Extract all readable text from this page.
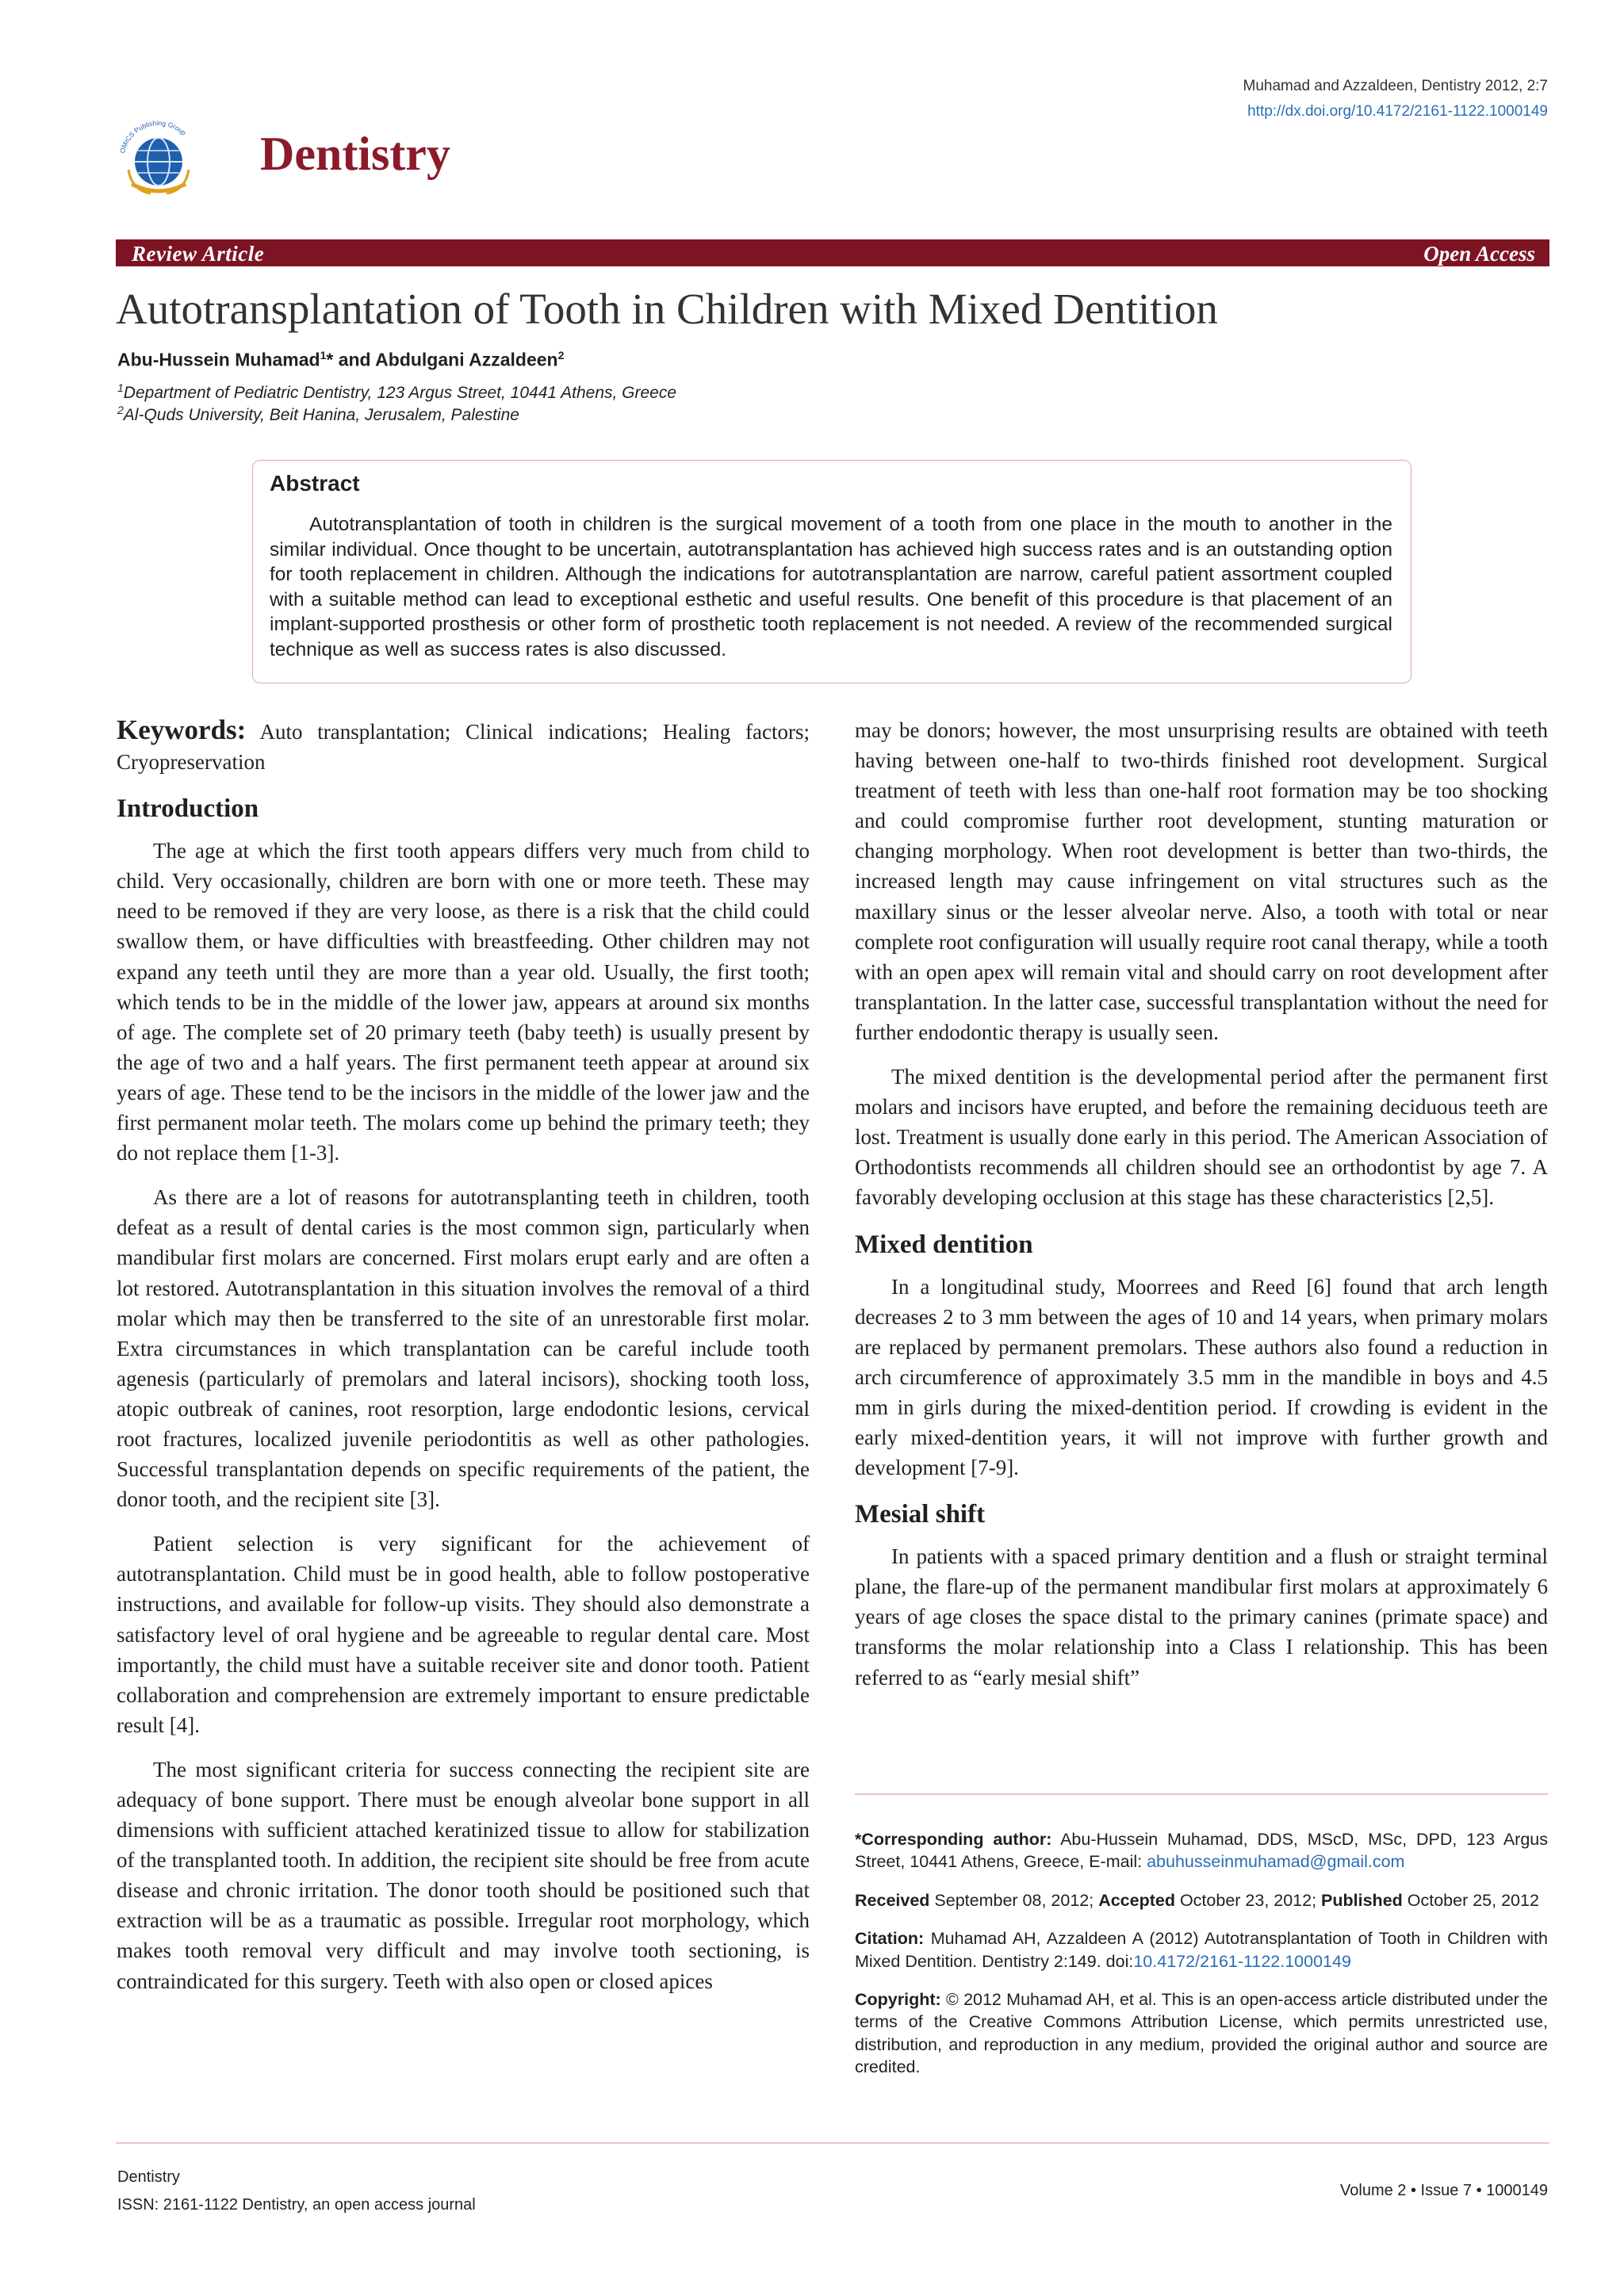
Muhamad and Azzaldeen, Dentistry 2012, 2:7
http://dx.doi.org/10.4172/2161-1122.1000149
OMICS Publishing Group Dentistry
Review Article	Open Access
Autotransplantation of Tooth in Children with Mixed Dentition
Abu-Hussein Muhamad$^1$* and Abdulgani Azzaldeen$^2$
$^1$Department of Pediatric Dentistry, 123 Argus Street, 10441 Athens, Greece
$^2$Al-Quds University, Beit Hanina, Jerusalem, Palestine
Abstract
Autotransplantation of tooth in children is the surgical movement of a tooth from one place in the mouth to another in the similar individual. Once thought to be uncertain, autotransplantation has achieved high success rates and is an outstanding option for tooth replacement in children. Although the indications for autotransplantation are narrow, careful patient assortment coupled with a suitable method can lead to exceptional esthetic and useful results. One benefit of this procedure is that placement of an implant-supported prosthesis or other form of prosthetic tooth replacement is not needed. A review of the recommended surgical technique as well as success rates is also discussed.

Keywords: Auto transplantation; Clinical indications; Healing factors; Cryopreservation

Introduction

The age at which the first tooth appears differs very much from child to child. Very occasionally, children are born with one or more teeth. These may need to be removed if they are very loose, as there is a risk that the child could swallow them, or have difficulties with breastfeeding. Other children may not expand any teeth until they are more than a year old. Usually, the first tooth; which tends to be in the middle of the lower jaw, appears at around six months of age. The complete set of 20 primary teeth (baby teeth) is usually present by the age of two and a half years. The first permanent teeth appear at around six years of age. These tend to be the incisors in the middle of the lower jaw and the first permanent molar teeth. The molars come up behind the primary teeth; they do not replace them [1-3].

As there are a lot of reasons for autotransplanting teeth in children, tooth defeat as a result of dental caries is the most common sign, particularly when mandibular first molars are concerned. First molars erupt early and are often a lot restored. Autotransplantation in this situation involves the removal of a third molar which may then be transferred to the site of an unrestorable first molar. Extra circumstances in which transplantation can be careful include tooth agenesis (particularly of premolars and lateral incisors), shocking tooth loss, atopic outbreak of canines, root resorption, large endodontic lesions, cervical root fractures, localized juvenile periodontitis as well as other pathologies. Successful transplantation depends on specific requirements of the patient, the donor tooth, and the recipient site [3].

Patient selection is very significant for the achievement of autotransplantation. Child must be in good health, able to follow postoperative instructions, and available for follow-up visits. They should also demonstrate a satisfactory level of oral hygiene and be agreeable to regular dental care. Most importantly, the child must have a suitable receiver site and donor tooth. Patient collaboration and comprehension are extremely important to ensure predictable result [4].

The most significant criteria for success connecting the recipient site are adequacy of bone support. There must be enough alveolar bone support in all dimensions with sufficient attached keratinized tissue to allow for stabilization of the transplanted tooth. In addition, the recipient site should be free from acute disease and chronic irritation. The donor tooth should be positioned such that extraction will be as a traumatic as possible. Irregular root morphology, which makes tooth removal very difficult and may involve tooth sectioning, is contraindicated for this surgery. Teeth with also open or closed apices

may be donors; however, the most unsurprising results are obtained with teeth having between one-half to two-thirds finished root development. Surgical treatment of teeth with less than one-half root formation may be too shocking and could compromise further root development, stunting maturation or changing morphology. When root development is better than two-thirds, the increased length may cause infringement on vital structures such as the maxillary sinus or the lesser alveolar nerve. Also, a tooth with total or near complete root configuration will usually require root canal therapy, while a tooth with an open apex will remain vital and should carry on root development after transplantation. In the latter case, successful transplantation without the need for further endodontic therapy is usually seen.

The mixed dentition is the developmental period after the permanent first molars and incisors have erupted, and before the remaining deciduous teeth are lost. Treatment is usually done early in this period. The American Association of Orthodontists recommends all children should see an orthodontist by age 7. A favorably developing occlusion at this stage has these characteristics [2,5].

Mixed dentition

In a longitudinal study, Moorrees and Reed [6] found that arch length decreases 2 to 3 mm between the ages of 10 and 14 years, when primary molars are replaced by permanent premolars. These authors also found a reduction in arch circumference of approximately 3.5 mm in the mandible in boys and 4.5 mm in girls during the mixed-dentition period. If crowding is evident in the early mixed-dentition years, it will not improve with further growth and development [7-9].

Mesial shift

In patients with a spaced primary dentition and a flush or straight terminal plane, the flare-up of the permanent mandibular first molars at approximately 6 years of age closes the space distal to the primary canines (primate space) and transforms the molar relationship into a Class I relationship. This has been referred to as “early mesial shift”

*Corresponding author: Abu-Hussein Muhamad, DDS, MScD, MSc, DPD, 123 Argus Street, 10441 Athens, Greece, E-mail: abuhusseinmuhamad@gmail.com

Received September 08, 2012; Accepted October 23, 2012; Published October 25, 2012

Citation: Muhamad AH, Azzaldeen A (2012) Autotransplantation of Tooth in Children with Mixed Dentition. Dentistry 2:149. doi:10.4172/2161-1122.1000149

Copyright: © 2012 Muhamad AH, et al. This is an open-access article distributed under the terms of the Creative Commons Attribution License, which permits unrestricted use, distribution, and reproduction in any medium, provided the original author and source are credited.

Dentistry
ISSN: 2161-1122 Dentistry, an open access journal
Volume 2 • Issue 7 • 1000149
